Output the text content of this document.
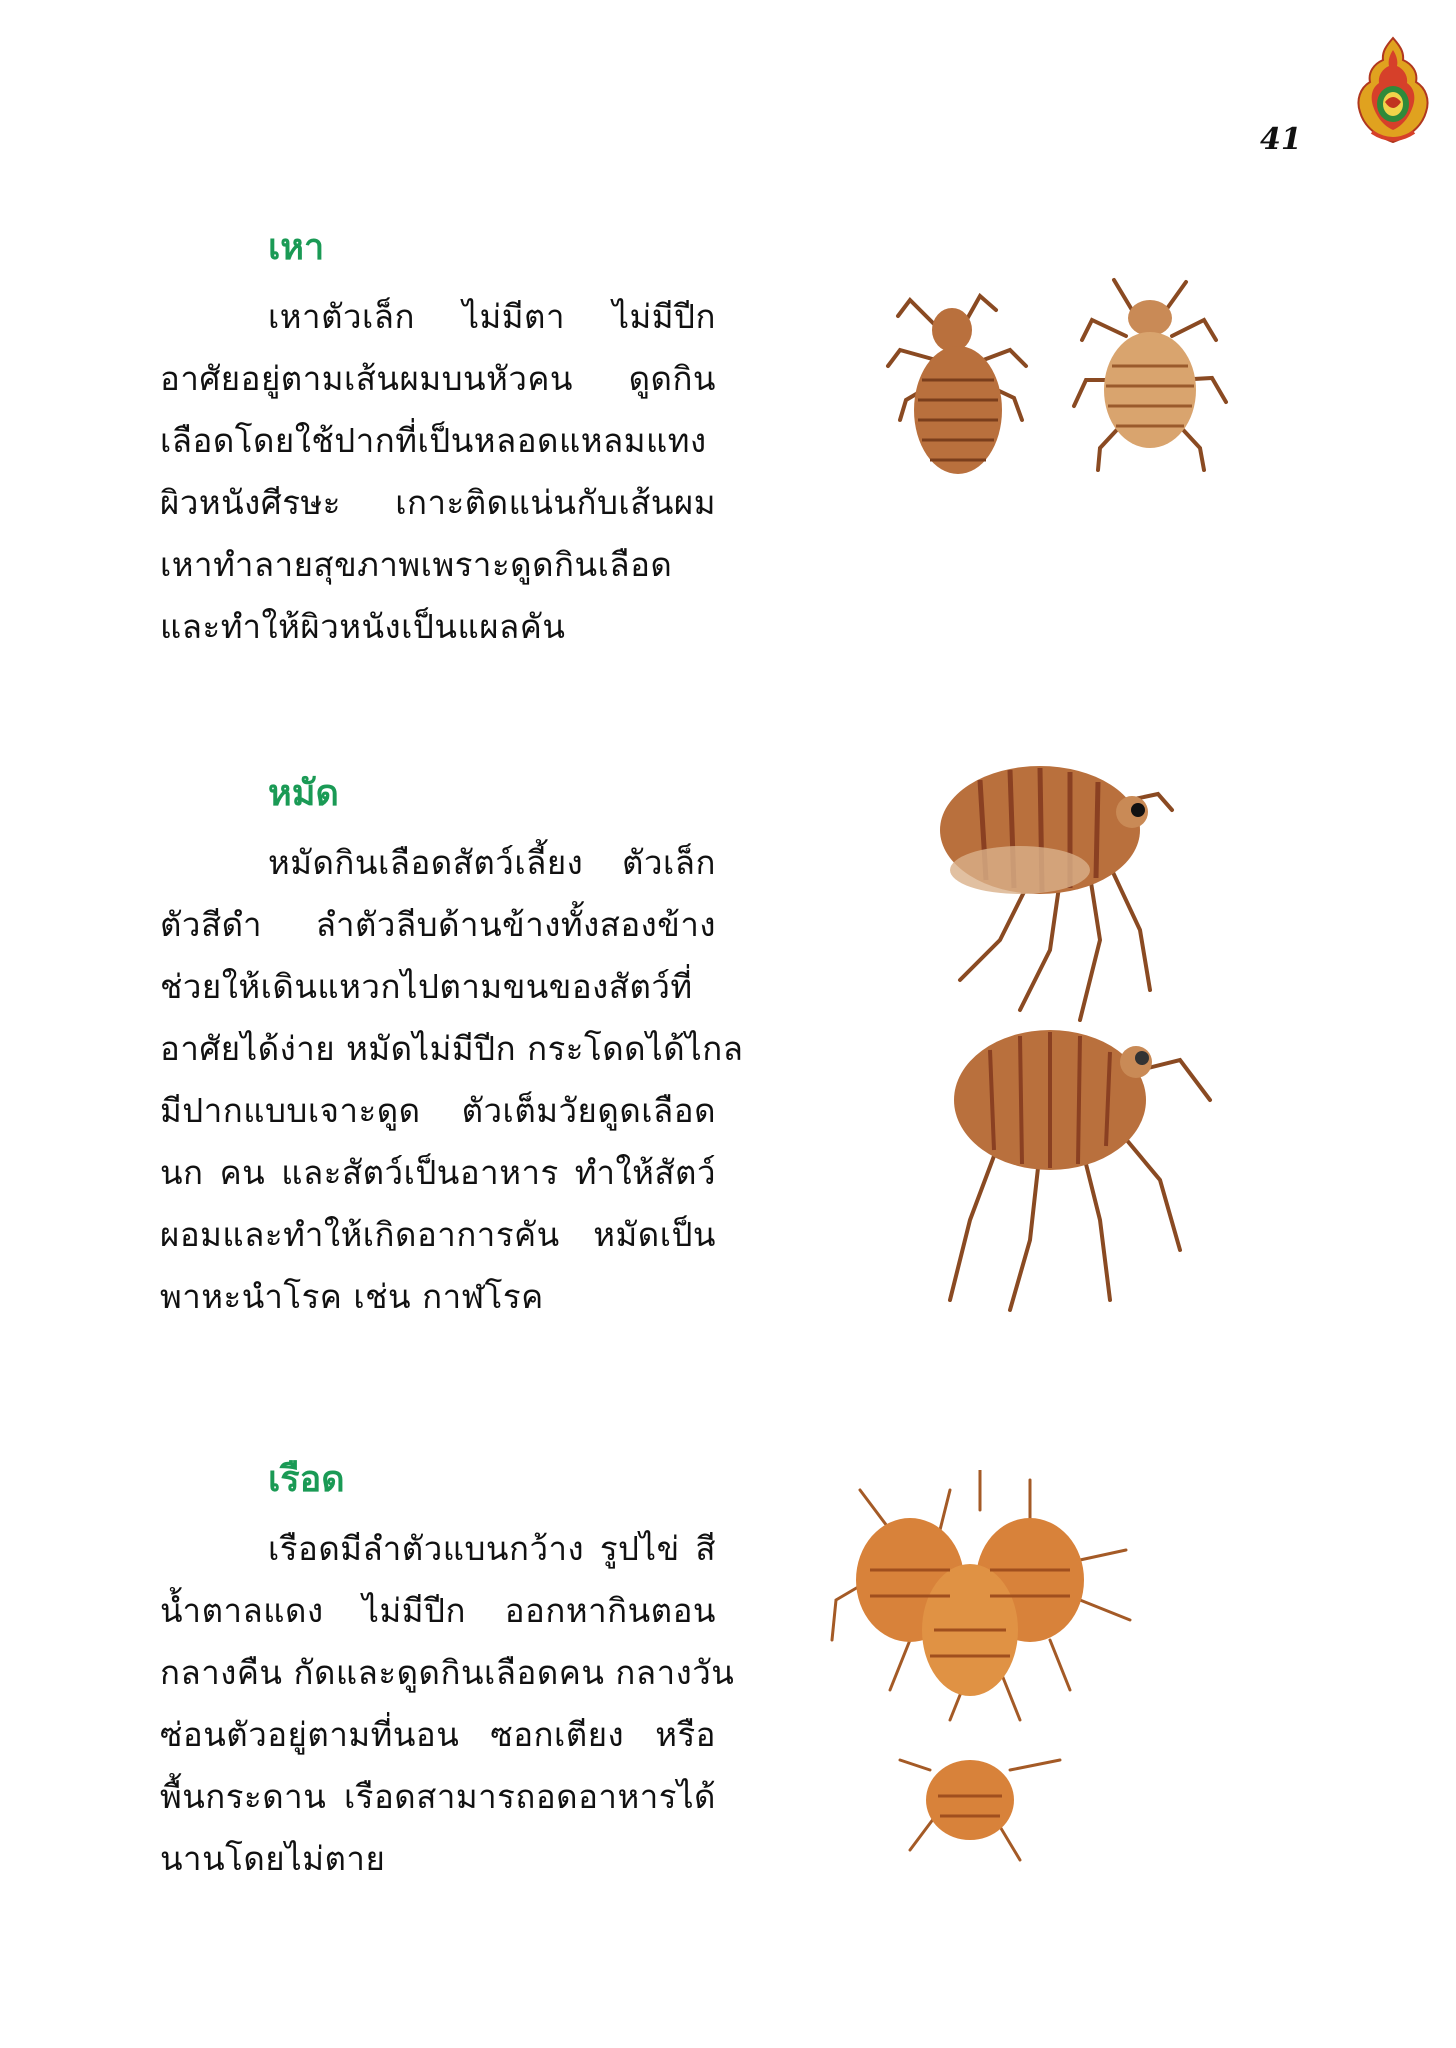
41
เหา
เหาตัวเล็ก ไม่มีตา ไม่มีปีก
อาศัยอยู่ตามเส้นผมบนหัวคน ดูดกิน
เลือดโดยใช้ปากที่เป็นหลอดแหลมแทง
ผิวหนังศีรษะ เกาะติดแน่นกับเส้นผม
เหาทำลายสุขภาพเพราะดูดกินเลือด
และทำให้ผิวหนังเป็นแผลคัน
หมัด
หมัดกินเลือดสัตว์เลี้ยง ตัวเล็ก
ตัวสีดำ ลำตัวลีบด้านข้างทั้งสองข้าง
ช่วยให้เดินแหวกไปตามขนของสัตว์ที่
อาศัยได้ง่าย หมัดไม่มีปีก กระโดดได้ไกล
มีปากแบบเจาะดูด ตัวเต็มวัยดูดเลือด
นก คน และสัตว์เป็นอาหาร ทำให้สัตว์
ผอมและทำให้เกิดอาการคัน หมัดเป็น
พาหะนำโรค เช่น กาฬโรค
เรือด
เรือดมีลำตัวแบนกว้าง รูปไข่ สี
น้ำตาลแดง ไม่มีปีก ออกหากินตอน
กลางคืน กัดและดูดกินเลือดคน กลางวัน
ซ่อนตัวอยู่ตามที่นอน ซอกเตียง หรือ
พื้นกระดาน เรือดสามารถอดอาหารได้
นานโดยไม่ตาย
